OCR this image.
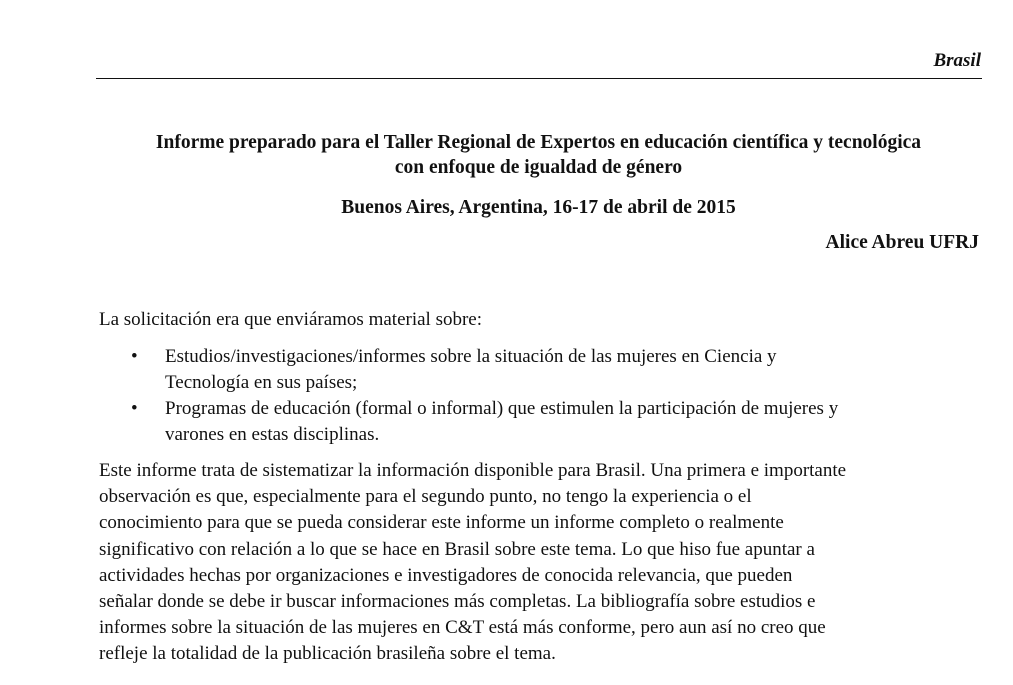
Brasil
Informe preparado para el Taller Regional de Expertos en educación científica y tecnológica
con enfoque de igualdad de género
Buenos Aires, Argentina, 16-17 de abril de 2015
Alice Abreu UFRJ
La solicitación era que enviáramos material sobre:
• Estudios/investigaciones/informes sobre la situación de las mujeres en Ciencia y
Tecnología en sus países;
• Programas de educación (formal o informal) que estimulen la participación de mujeres y
varones en estas disciplinas.
Este informe trata de sistematizar la información disponible para Brasil. Una primera e importante
observación es que, especialmente para el segundo punto, no tengo la experiencia o el
conocimiento para que se pueda considerar este informe un informe completo o realmente
significativo con relación a lo que se hace en Brasil sobre este tema. Lo que hiso fue apuntar a
actividades hechas por organizaciones e investigadores de conocida relevancia, que pueden
señalar donde se debe ir buscar informaciones más completas. La bibliografía sobre estudios e
informes sobre la situación de las mujeres en C&T está más conforme, pero aun así no creo que
refleje la totalidad de la publicación brasileña sobre el tema.
